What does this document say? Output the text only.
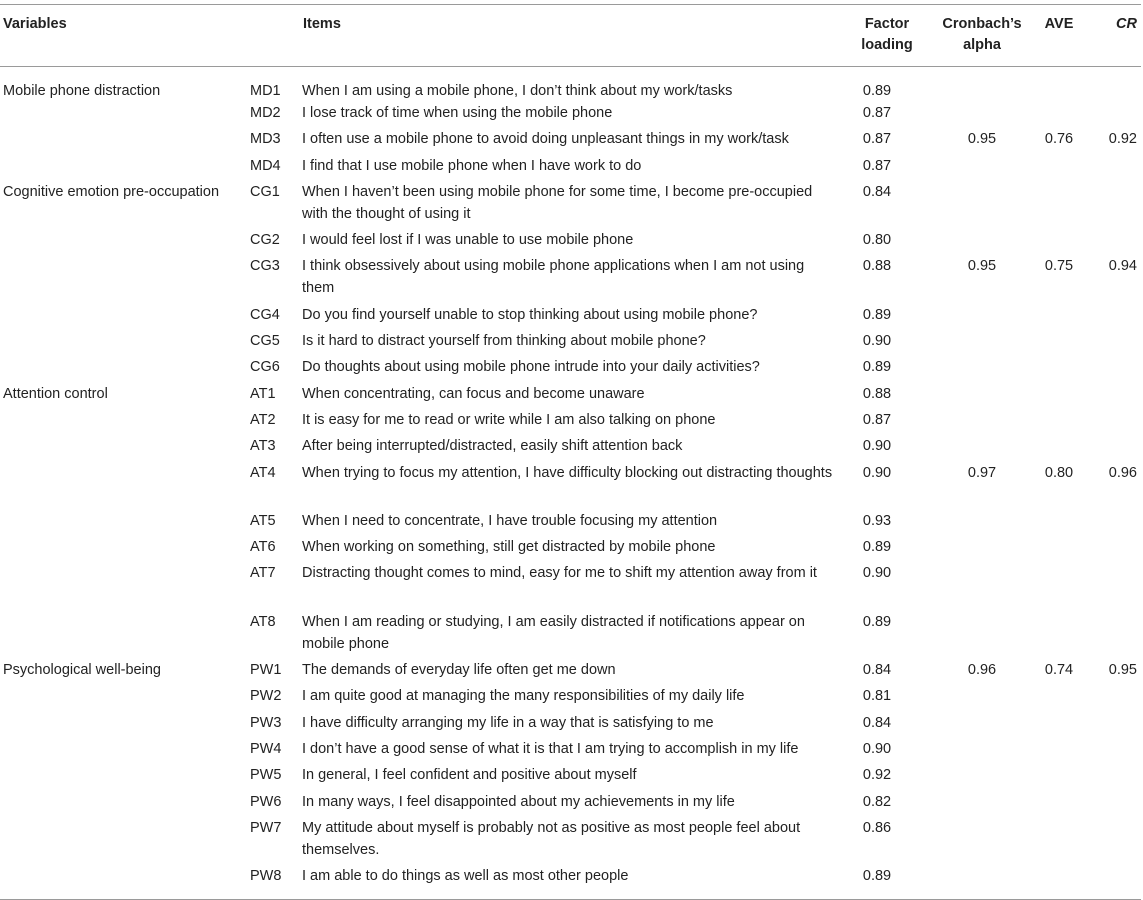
Variables		Items	Factor loading	Cronbach’s alpha	AVE	CR
Mobile phone distraction	MD1	When I am using a mobile phone, I don’t think about my work/tasks	0.89			
	MD2	I lose track of time when using the mobile phone	0.87			
	MD3	I often use a mobile phone to avoid doing unpleasant things in my work/task	0.87	0.95	0.76	0.92
	MD4	I find that I use mobile phone when I have work to do	0.87			
Cognitive emotion pre-occupation	CG1	When I haven’t been using mobile phone for some time, I become pre-occupied with the thought of using it	0.84			
	CG2	I would feel lost if I was unable to use mobile phone	0.80			
	CG3	I think obsessively about using mobile phone applications when I am not using them	0.88	0.95	0.75	0.94
	CG4	Do you find yourself unable to stop thinking about using mobile phone?	0.89			
	CG5	Is it hard to distract yourself from thinking about mobile phone?	0.90			
	CG6	Do thoughts about using mobile phone intrude into your daily activities?	0.89			
Attention control	AT1	When concentrating, can focus and become unaware	0.88			
	AT2	It is easy for me to read or write while I am also talking on phone	0.87			
	AT3	After being interrupted/distracted, easily shift attention back	0.90			
	AT4	When trying to focus my attention, I have difficulty blocking out distracting thoughts	0.90	0.97	0.80	0.96
	AT5	When I need to concentrate, I have trouble focusing my attention	0.93			
	AT6	When working on something, still get distracted by mobile phone	0.89			
	AT7	Distracting thought comes to mind, easy for me to shift my attention away from it	0.90			
	AT8	When I am reading or studying, I am easily distracted if notifications appear on mobile phone	0.89			
Psychological well-being	PW1	The demands of everyday life often get me down	0.84	0.96	0.74	0.95
	PW2	I am quite good at managing the many responsibilities of my daily life	0.81			
	PW3	I have difficulty arranging my life in a way that is satisfying to me	0.84			
	PW4	I don’t have a good sense of what it is that I am trying to accomplish in my life	0.90			
	PW5	In general, I feel confident and positive about myself	0.92			
	PW6	In many ways, I feel disappointed about my achievements in my life	0.82			
	PW7	My attitude about myself is probably not as positive as most people feel about themselves.	0.86			
	PW8	I am able to do things as well as most other people	0.89			
